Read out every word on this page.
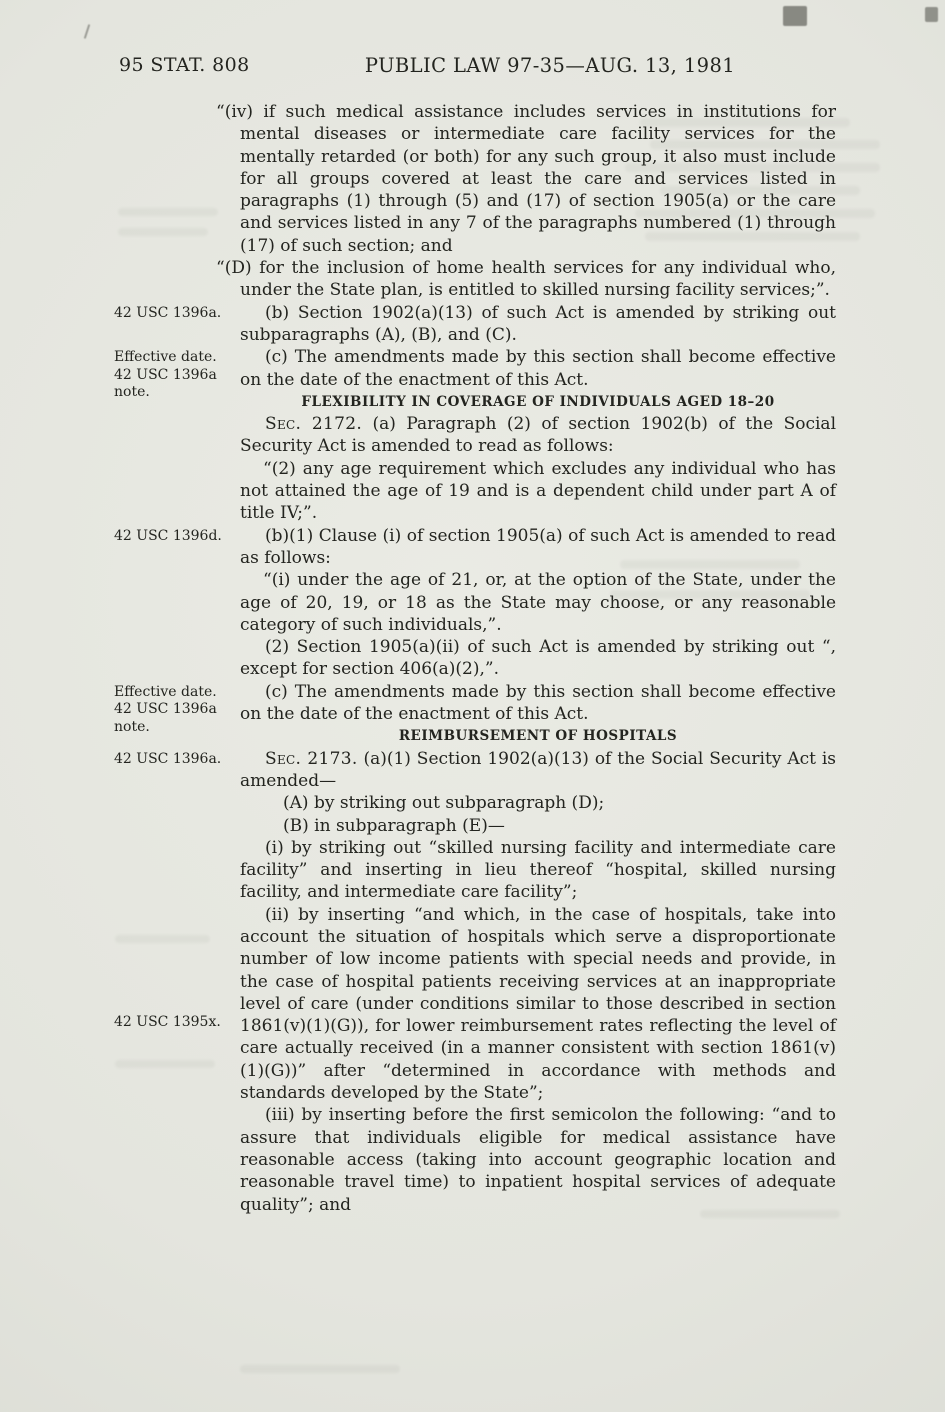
95 STAT. 808	PUBLIC LAW 97-35—AUG. 13, 1981

“(iv) if such medical assistance includes services in institutions for mental diseases or intermediate care facility services for the mentally retarded (or both) for any such group, it also must include for all groups covered at least the care and services listed in paragraphs (1) through (5) and (17) of section 1905(a) or the care and services listed in any 7 of the paragraphs numbered (1) through (17) of such section; and

“(D) for the inclusion of home health services for any individual who, under the State plan, is entitled to skilled nursing facility services;”.

42 USC 1396a.	(b) Section 1902(a)(13) of such Act is amended by striking out subparagraphs (A), (B), and (C).

Effective date.
42 USC 1396a
note.
(c) The amendments made by this section shall become effective on the date of the enactment of this Act.

FLEXIBILITY IN COVERAGE OF INDIVIDUALS AGED 18–20

Sec. 2172. (a) Paragraph (2) of section 1902(b) of the Social Security Act is amended to read as follows:

“(2) any age requirement which excludes any individual who has not attained the age of 19 and is a dependent child under part A of title IV;”.

42 USC 1396d.	(b)(1) Clause (i) of section 1905(a) of such Act is amended to read as follows:

“(i) under the age of 21, or, at the option of the State, under the age of 20, 19, or 18 as the State may choose, or any reasonable category of such individuals,”.

(2) Section 1905(a)(ii) of such Act is amended by striking out “, except for section 406(a)(2),”.

Effective date.
42 USC 1396a
note.
(c) The amendments made by this section shall become effective on the date of the enactment of this Act.

REIMBURSEMENT OF HOSPITALS

42 USC 1396a.	Sec. 2173. (a)(1) Section 1902(a)(13) of the Social Security Act is amended—

(A) by striking out subparagraph (D);

(B) in subparagraph (E)—

(i) by striking out “skilled nursing facility and intermediate care facility” and inserting in lieu thereof “hospital, skilled nursing facility, and intermediate care facility”;

42 USC 1395x.
(ii) by inserting “and which, in the case of hospitals, take into account the situation of hospitals which serve a disproportionate number of low income patients with special needs and provide, in the case of hospital patients receiving services at an inappropriate level of care (under conditions similar to those described in section 1861(v)(1)(G)), for lower reimbursement rates reflecting the level of care actually received (in a manner consistent with section 1861(v)(1)(G))” after “determined in accordance with methods and standards developed by the State”;

(iii) by inserting before the first semicolon the following: “and to assure that individuals eligible for medical assistance have reasonable access (taking into account geographic location and reasonable travel time) to inpatient hospital services of adequate quality”; and
